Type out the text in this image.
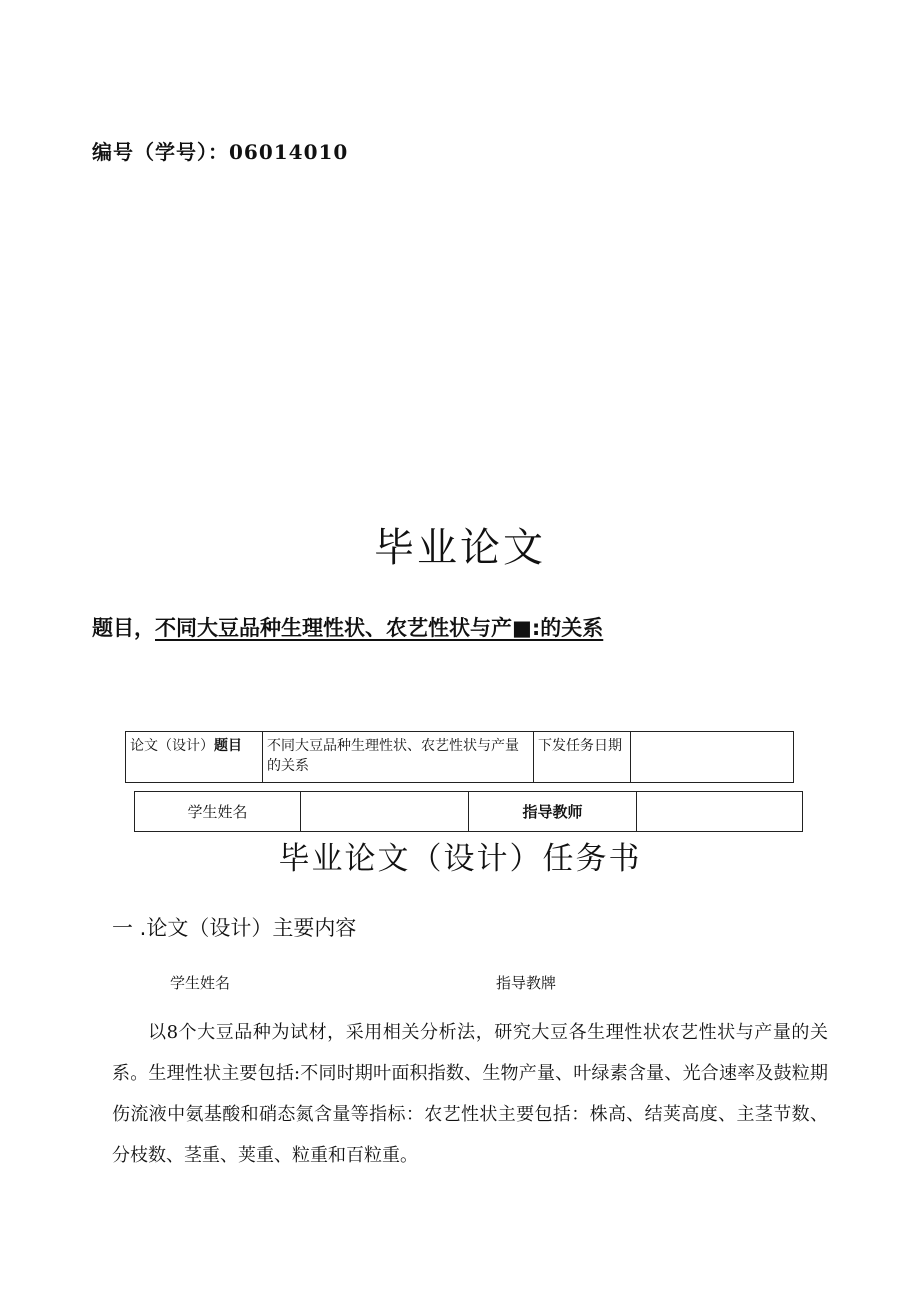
编号（学号）：06014010
毕业论文
题目，不同大豆品种生理性状、农艺性状与产■:的关系
论文（设计）题目	不同大豆品种生理性状、农艺性状与产量的关系	下发任务日期	
学生姓名		指导教师	
毕业论文（设计）任务书
一 .论文（设计）主要内容
学生姓名	指导教牌

以8个大豆品种为试材，采用相关分析法，研究大豆各生理性状农艺性状与产量的关系。生理性状主要包括:不同时期叶面积指数、生物产量、叶绿素含量、光合速率及鼓粒期伤流液中氨基酸和硝态氮含量等指标：农艺性状主要包括：株高、结荚高度、主茎节数、分枝数、茎重、荚重、粒重和百粒重。
